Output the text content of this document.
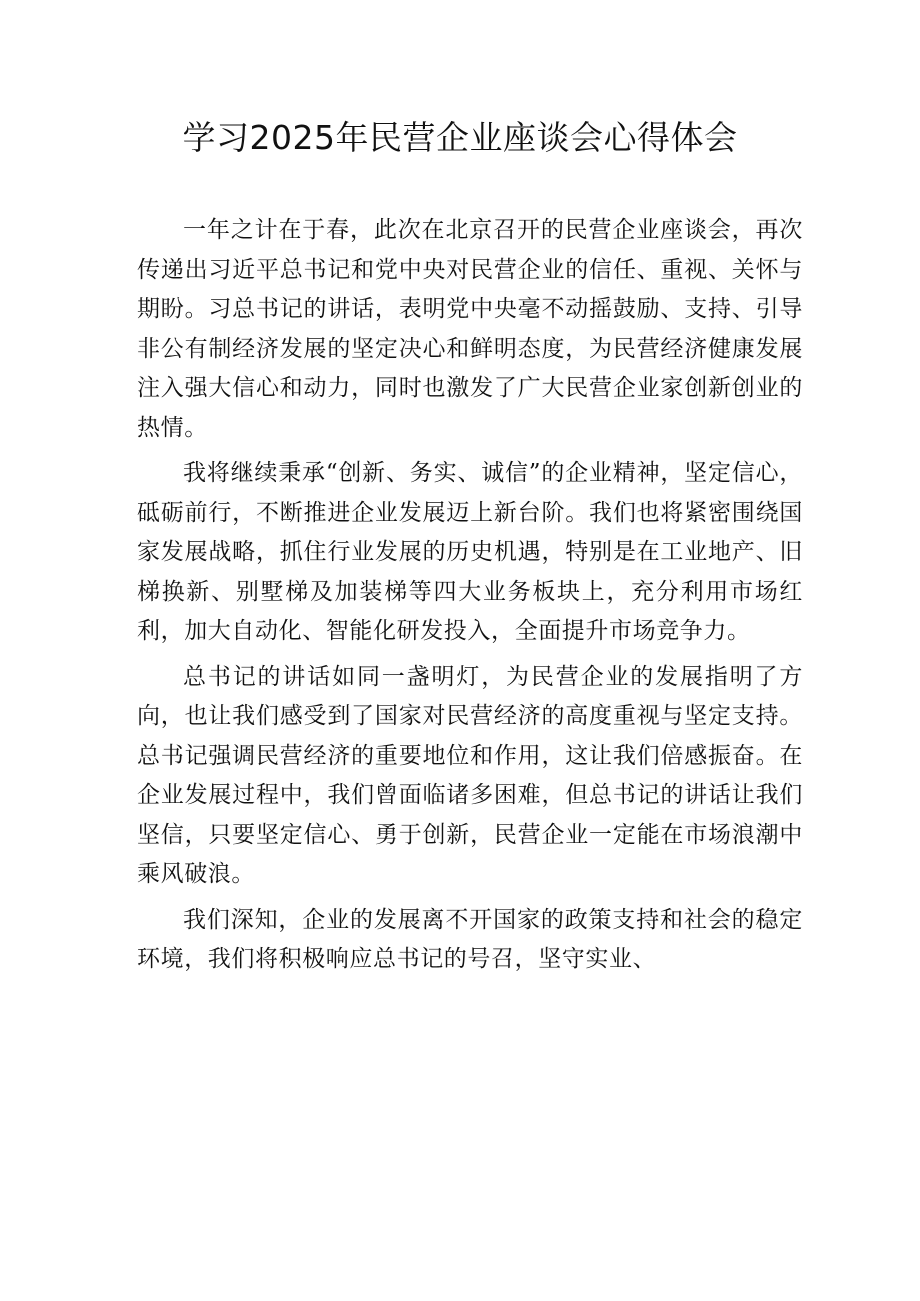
学习2025年民营企业座谈会心得体会

一年之计在于春，此次在北京召开的民营企业座谈会，再次传递出习近平总书记和党中央对民营企业的信任、重视、关怀与期盼。习总书记的讲话，表明党中央毫不动摇鼓励、支持、引导非公有制经济发展的坚定决心和鲜明态度，为民营经济健康发展注入强大信心和动力，同时也激发了广大民营企业家创新创业的热情。

我将继续秉承“创新、务实、诚信”的企业精神，坚定信心，砥砺前行，不断推进企业发展迈上新台阶。我们也将紧密围绕国家发展战略，抓住行业发展的历史机遇，特别是在工业地产、旧梯换新、别墅梯及加装梯等四大业务板块上，充分利用市场红利，加大自动化、智能化研发投入，全面提升市场竞争力。

总书记的讲话如同一盏明灯，为民营企业的发展指明了方向，也让我们感受到了国家对民营经济的高度重视与坚定支持。总书记强调民营经济的重要地位和作用，这让我们倍感振奋。在企业发展过程中，我们曾面临诸多困难，但总书记的讲话让我们坚信，只要坚定信心、勇于创新，民营企业一定能在市场浪潮中乘风破浪。

我们深知，企业的发展离不开国家的政策支持和社会的稳定环境，我们将积极响应总书记的号召，坚守实业、
